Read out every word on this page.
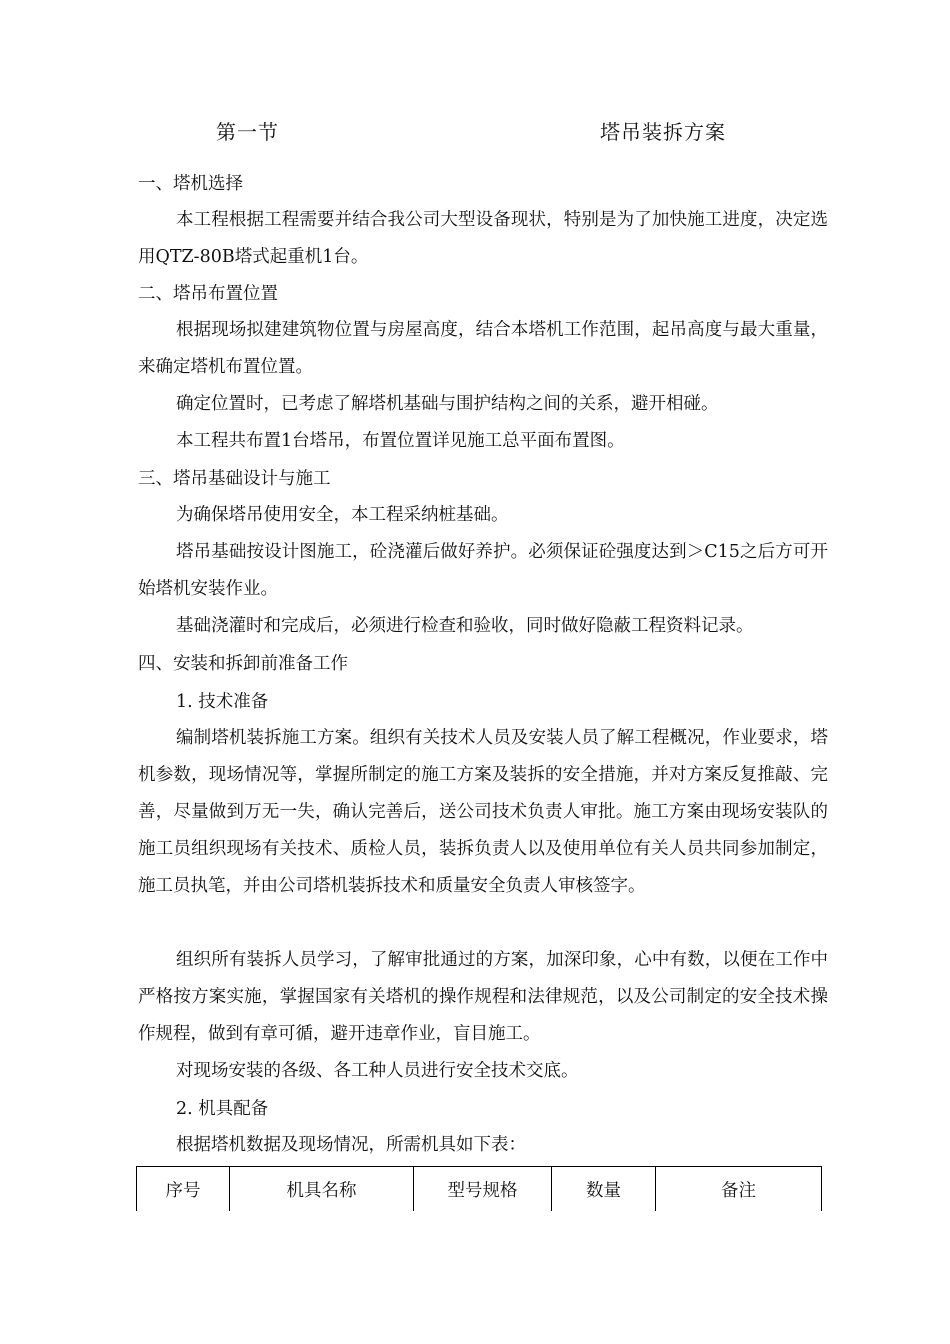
第一节	塔吊装拆方案
一、塔机选择
本工程根据工程需要并结合我公司大型设备现状，特别是为了加快施工进度，决定选用QTZ-80B塔式起重机1台。
二、塔吊布置位置
根据现场拟建建筑物位置与房屋高度，结合本塔机工作范围，起吊高度与最大重量，来确定塔机布置位置。
确定位置时，已考虑了解塔机基础与围护结构之间的关系，避开相碰。
本工程共布置1台塔吊，布置位置详见施工总平面布置图。
三、塔吊基础设计与施工
为确保塔吊使用安全，本工程采纳桩基础。
塔吊基础按设计图施工，砼浇灌后做好养护。必须保证砼强度达到＞C15之后方可开始塔机安装作业。
基础浇灌时和完成后，必须进行检查和验收，同时做好隐蔽工程资料记录。
四、安装和拆卸前准备工作
1. 技术准备
编制塔机装拆施工方案。组织有关技术人员及安装人员了解工程概况，作业要求，塔机参数，现场情况等，掌握所制定的施工方案及装拆的安全措施，并对方案反复推敲、完善，尽量做到万无一失，确认完善后，送公司技术负责人审批。施工方案由现场安装队的施工员组织现场有关技术、质检人员，装拆负责人以及使用单位有关人员共同参加制定，施工员执笔，并由公司塔机装拆技术和质量安全负责人审核签字。
组织所有装拆人员学习，了解审批通过的方案，加深印象，心中有数，以便在工作中严格按方案实施，掌握国家有关塔机的操作规程和法律规范，以及公司制定的安全技术操作规程，做到有章可循，避开违章作业，盲目施工。
对现场安装的各级、各工种人员进行安全技术交底。
2. 机具配备
根据塔机数据及现场情况，所需机具如下表：
序号	机具名称	型号规格	数量	备注
